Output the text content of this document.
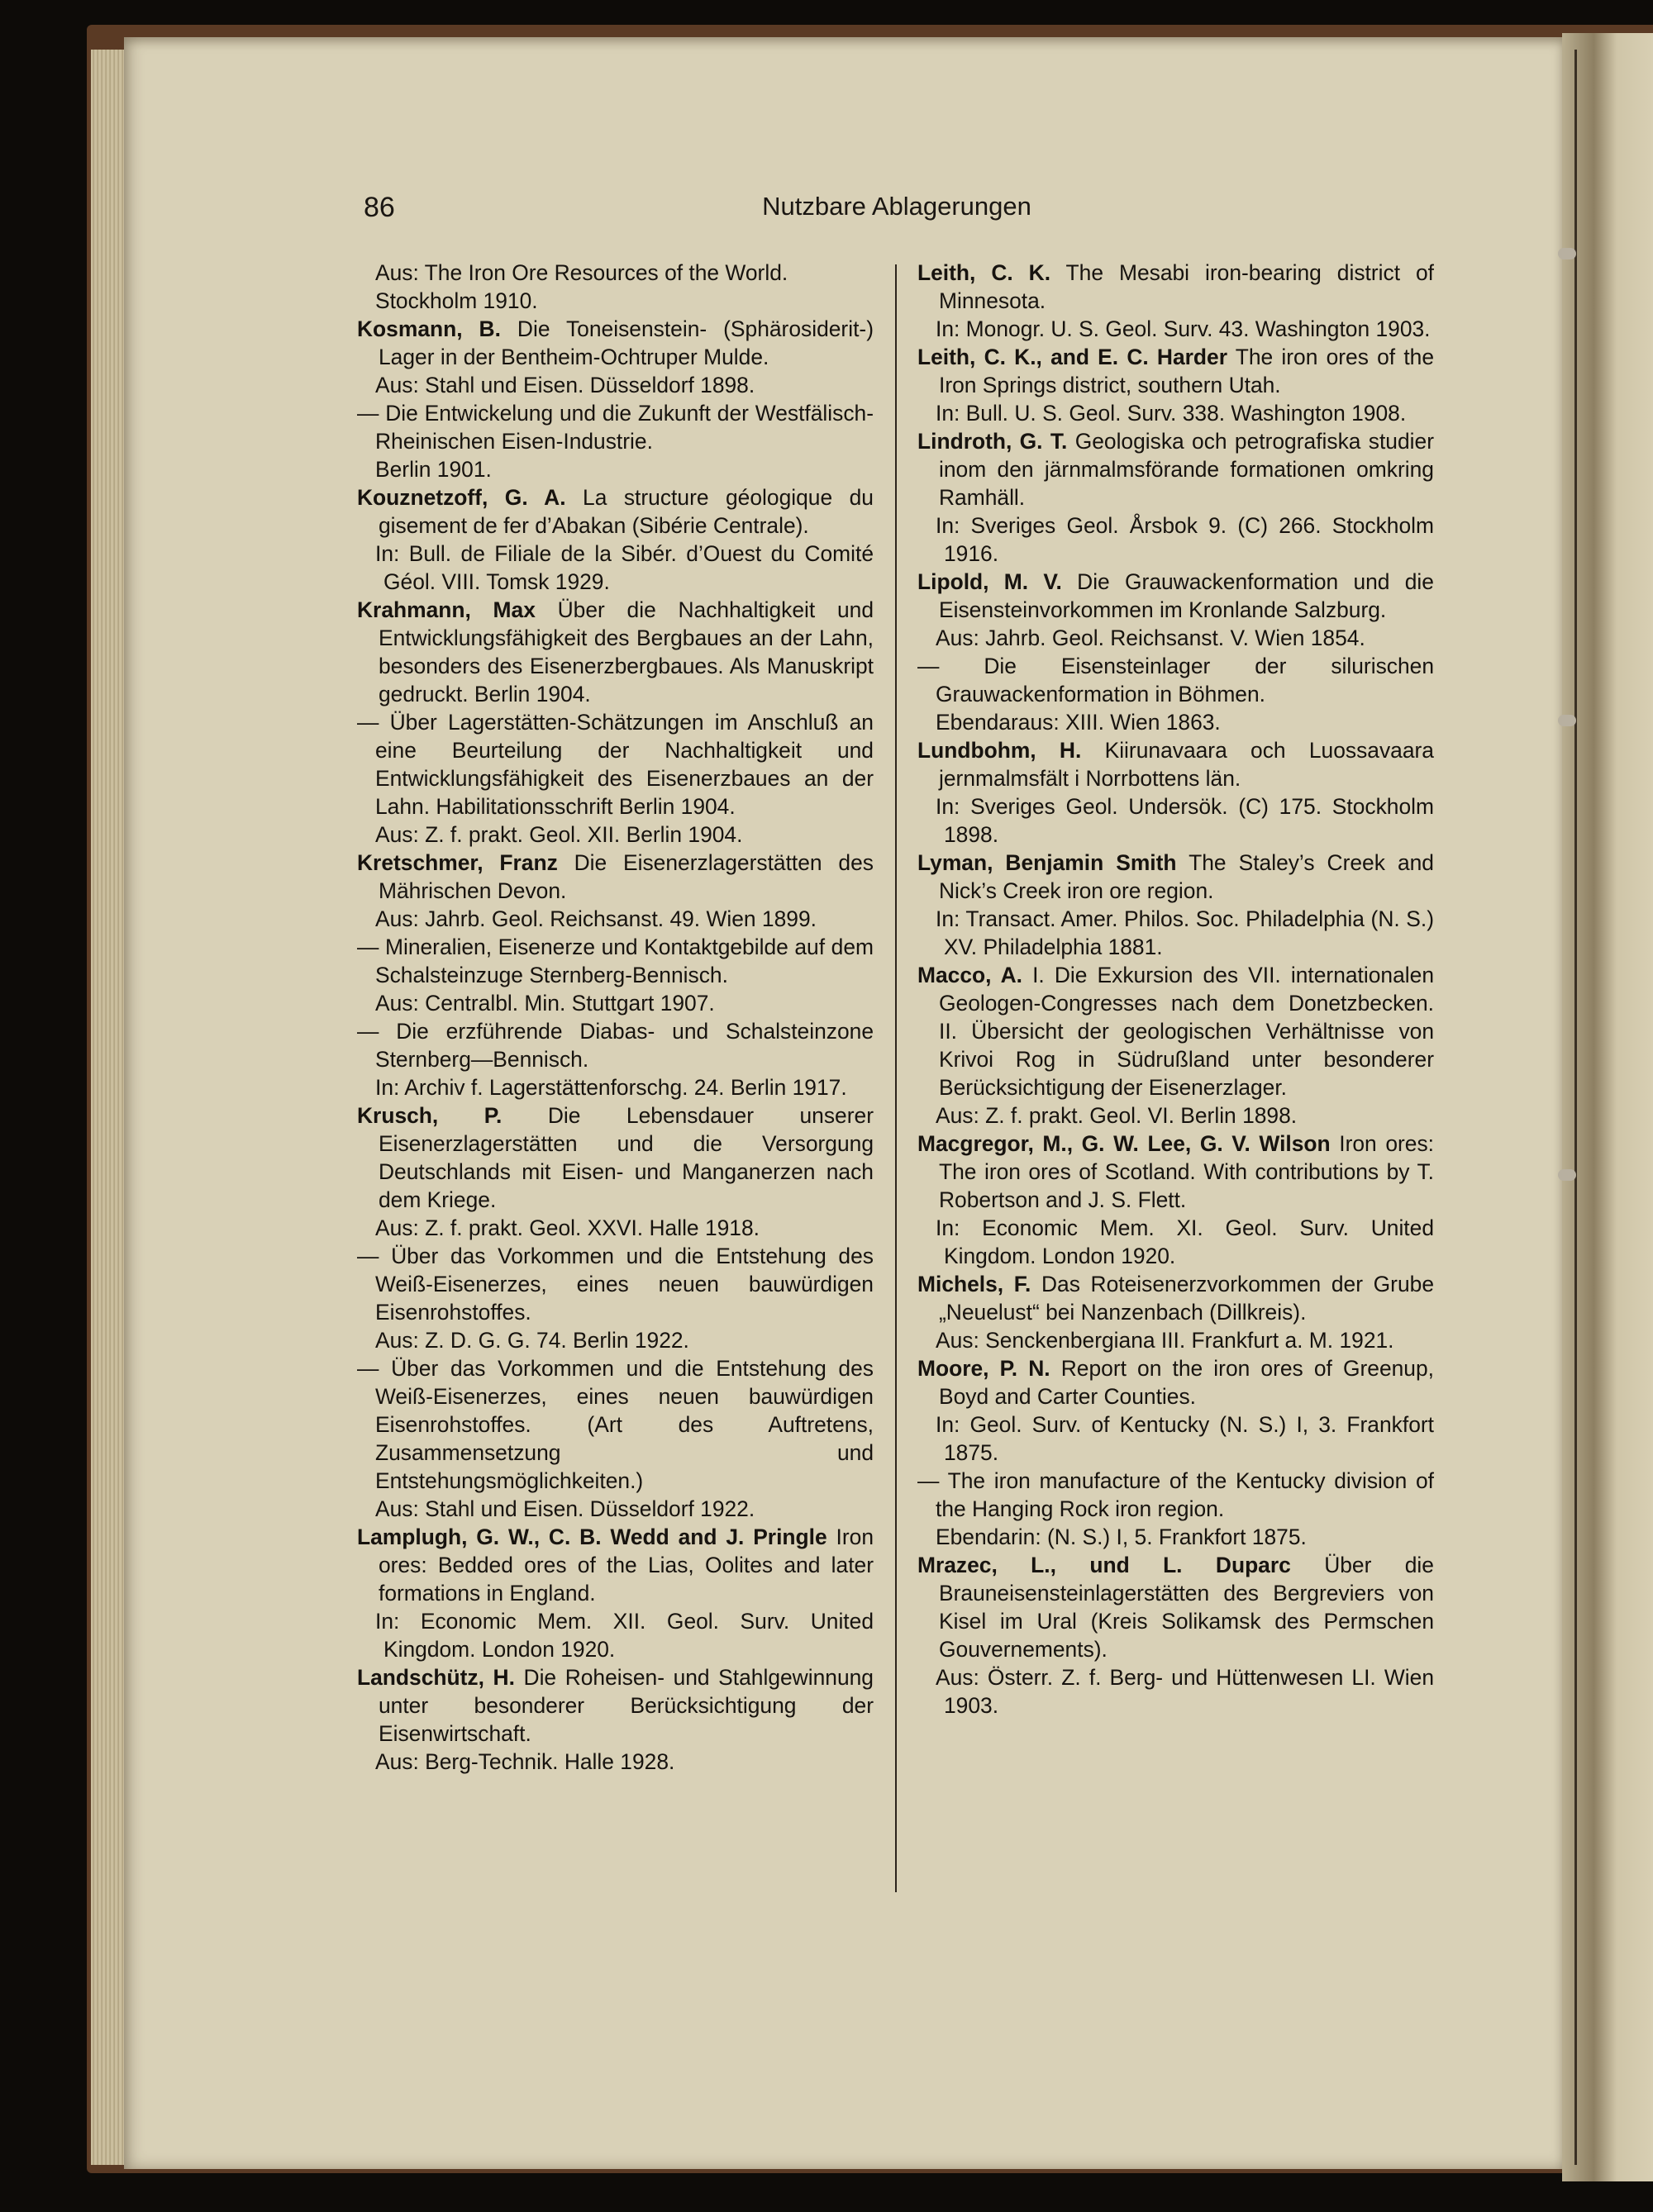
86	Nutzbare Ablagerungen
Aus: The Iron Ore Resources of the World.
Stockholm 1910.
Kosmann, B. Die Toneisenstein- (Sphärosiderit-) Lager in der Bentheim-Ochtruper Mulde.
Aus: Stahl und Eisen. Düsseldorf 1898.
— Die Entwickelung und die Zukunft der Westfälisch-Rheinischen Eisen-Industrie.
Berlin 1901.
Kouznetzoff, G. A. La structure géologique du gisement de fer d’Abakan (Sibérie Centrale).
In: Bull. de Filiale de la Sibér. d’Ouest du Comité Géol. VIII. Tomsk 1929.
Krahmann, Max Über die Nachhaltigkeit und Entwicklungsfähigkeit des Bergbaues an der Lahn, besonders des Eisenerzbergbaues. Als Manuskript gedruckt. Berlin 1904.
— Über Lagerstätten-Schätzungen im Anschluß an eine Beurteilung der Nachhaltigkeit und Entwicklungsfähigkeit des Eisenerzbaues an der Lahn. Habilitationsschrift Berlin 1904.
Aus: Z. f. prakt. Geol. XII. Berlin 1904.
Kretschmer, Franz Die Eisenerzlagerstätten des Mährischen Devon.
Aus: Jahrb. Geol. Reichsanst. 49. Wien 1899.
— Mineralien, Eisenerze und Kontaktgebilde auf dem Schalsteinzuge Sternberg-Bennisch.
Aus: Centralbl. Min. Stuttgart 1907.
— Die erzführende Diabas- und Schalsteinzone Sternberg—Bennisch.
In: Archiv f. Lagerstättenforschg. 24. Berlin 1917.
Krusch, P. Die Lebensdauer unserer Eisenerzlagerstätten und die Versorgung Deutschlands mit Eisen- und Manganerzen nach dem Kriege.
Aus: Z. f. prakt. Geol. XXVI. Halle 1918.
— Über das Vorkommen und die Entstehung des Weiß-Eisenerzes, eines neuen bauwürdigen Eisenrohstoffes.
Aus: Z. D. G. G. 74. Berlin 1922.
— Über das Vorkommen und die Entstehung des Weiß-Eisenerzes, eines neuen bauwürdigen Eisenrohstoffes. (Art des Auftretens, Zusammensetzung und Entstehungsmöglichkeiten.)
Aus: Stahl und Eisen. Düsseldorf 1922.
Lamplugh, G. W., C. B. Wedd and J. Pringle Iron ores: Bedded ores of the Lias, Oolites and later formations in England.
In: Economic Mem. XII. Geol. Surv. United Kingdom. London 1920.
Landschütz, H. Die Roheisen- und Stahlgewinnung unter besonderer Berücksichtigung der Eisenwirtschaft.
Aus: Berg-Technik. Halle 1928.
Leith, C. K. The Mesabi iron-bearing district of Minnesota.
In: Monogr. U. S. Geol. Surv. 43. Washington 1903.
Leith, C. K., and E. C. Harder The iron ores of the Iron Springs district, southern Utah.
In: Bull. U. S. Geol. Surv. 338. Washington 1908.
Lindroth, G. T. Geologiska och petrografiska studier inom den järnmalmsförande formationen omkring Ramhäll.
In: Sveriges Geol. Årsbok 9. (C) 266. Stockholm 1916.
Lipold, M. V. Die Grauwackenformation und die Eisensteinvorkommen im Kronlande Salzburg.
Aus: Jahrb. Geol. Reichsanst. V. Wien 1854.
— Die Eisensteinlager der silurischen Grauwackenformation in Böhmen.
Ebendaraus: XIII. Wien 1863.
Lundbohm, H. Kiirunavaara och Luossavaara jernmalmsfält i Norrbottens län.
In: Sveriges Geol. Undersök. (C) 175. Stockholm 1898.
Lyman, Benjamin Smith The Staley’s Creek and Nick’s Creek iron ore region.
In: Transact. Amer. Philos. Soc. Philadelphia (N. S.) XV. Philadelphia 1881.
Macco, A. I. Die Exkursion des VII. internationalen Geologen-Congresses nach dem Donetzbecken. II. Übersicht der geologischen Verhältnisse von Krivoi Rog in Südrußland unter besonderer Berücksichtigung der Eisenerzlager.
Aus: Z. f. prakt. Geol. VI. Berlin 1898.
Macgregor, M., G. W. Lee, G. V. Wilson Iron ores: The iron ores of Scotland. With contributions by T. Robertson and J. S. Flett.
In: Economic Mem. XI. Geol. Surv. United Kingdom. London 1920.
Michels, F. Das Roteisenerzvorkommen der Grube „Neuelust“ bei Nanzenbach (Dillkreis).
Aus: Senckenbergiana III. Frankfurt a. M. 1921.
Moore, P. N. Report on the iron ores of Greenup, Boyd and Carter Counties.
In: Geol. Surv. of Kentucky (N. S.) I, 3. Frankfort 1875.
— The iron manufacture of the Kentucky division of the Hanging Rock iron region.
Ebendarin: (N. S.) I, 5. Frankfort 1875.
Mrazec, L., und L. Duparc Über die Brauneisensteinlagerstätten des Bergreviers von Kisel im Ural (Kreis Solikamsk des Permschen Gouvernements).
Aus: Österr. Z. f. Berg- und Hüttenwesen LI. Wien 1903.
